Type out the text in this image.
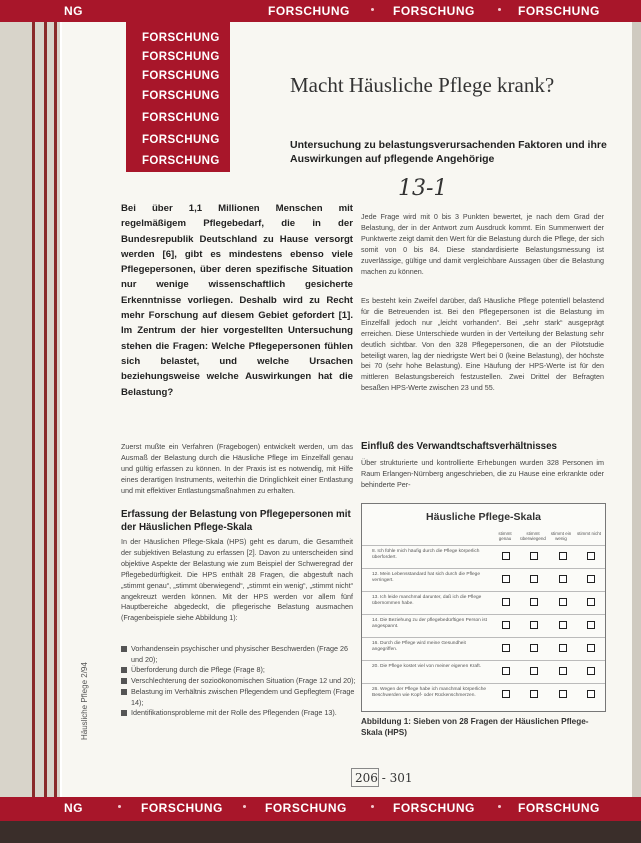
NG	FORSCHUNG	FORSCHUNG	FORSCHUNG
FORSCHUNG
FORSCHUNG
FORSCHUNG
FORSCHUNG
FORSCHUNG
FORSCHUNG
FORSCHUNG
Macht Häusliche Pflege krank?
Untersuchung zu belastungsverursachenden Faktoren und ihre Auswirkungen auf pflegende Angehörige
13-1
Bei über 1,1 Millionen Menschen mit regelmäßigem Pflegebedarf, die in der Bundesrepublik Deutschland zu Hause versorgt werden [6], gibt es mindestens ebenso viele Pflegepersonen, über deren spezifische Situation nur wenige wissenschaftlich gesicherte Erkenntnisse vorliegen. Deshalb wird zu Recht mehr Forschung auf diesem Gebiet gefordert [1]. Im Zentrum der hier vorgestellten Untersuchung stehen die Fragen: Welche Pflegepersonen fühlen sich belastet, und welche Ursachen beziehungsweise welche Auswirkungen hat die Belastung?
Zuerst mußte ein Verfahren (Fragebogen) entwickelt werden, um das Ausmaß der Belastung durch die Häusliche Pflege im Einzelfall genau und gültig erfassen zu können. In der Praxis ist es notwendig, mit Hilfe eines derartigen Instruments, weiterhin die Dringlichkeit einer Entlastung und mit effektiver Entlastungsmaßnahmen zu erhalten.
Erfassung der Belastung von Pflegepersonen mit der Häuslichen Pflege-Skala
In der Häuslichen Pflege-Skala (HPS) geht es darum, die Gesamtheit der subjektiven Belastung zu erfassen [2]. Davon zu unterscheiden sind objektive Aspekte der Belastung wie zum Beispiel der Schweregrad der Pflegebedürftigkeit. Die HPS enthält 28 Fragen, die abgestuft nach „stimmt genau“, „stimmt überwiegend“, „stimmt ein wenig“, „stimmt nicht“ angekreuzt werden können. Mit der HPS werden vor allem fünf Hauptbereiche abgedeckt, die pflegerische Belastung ausmachen (Fragenbeispiele siehe Abbildung 1):
Vorhandensein psychischer und physischer Beschwerden (Frage 26 und 20);
Überforderung durch die Pflege (Frage 8);
Verschlechterung der sozioökonomischen Situation (Frage 12 und 20);
Belastung im Verhältnis zwischen Pflegendem und Gepflegtem (Frage 14);
Identifikationsprobleme mit der Rolle des Pflegenden (Frage 13).
Häusliche Pflege 2/94
Jede Frage wird mit 0 bis 3 Punkten bewertet, je nach dem Grad der Belastung, der in der Antwort zum Ausdruck kommt. Ein Summenwert der Punktwerte zeigt damit den Wert für die Belastung durch die Pflege, der sich somit von 0 bis 84. Diese standardisierte Belastungsmessung ist zuverlässige, gültige und damit vergleichbare Aussagen über die Belastung machen zu können.
Es besteht kein Zweifel darüber, daß Häusliche Pflege potentiell belastend für die Betreuenden ist. Bei den Pflegepersonen ist die Belastung im Einzelfall jedoch nur „leicht vorhanden“. Bei „sehr stark“ ausgeprägt erreichen. Diese Unterschiede wurden in der Verteilung der Belastung sehr deutlich sichtbar. Von den 328 Pflegepersonen, die an der Pilotstudie beteiligt waren, lag der niedrigste Wert bei 0 (keine Belastung), der höchste bei 70 (sehr hohe Belastung). Eine Häufung der HPS-Werte ist für den mittleren Belastungsbereich festzustellen. Zwei Drittel der Befragten besaßen HPS-Werte zwischen 23 und 55.
Einfluß des Verwandtschaftsverhältnisses
Über strukturierte und kontrollierte Erhebungen wurden 328 Personen im Raum Erlangen-Nürnberg angeschrieben, die zu Hause eine erkrankte oder behinderte Per-
Häusliche Pflege-Skala
stimmt genau
stimmt überwiegend
stimmt ein wenig
stimmt nicht
8. Ich fühle mich häufig durch die Pflege körperlich überfordert.
12. Mein Lebensstandard hat sich durch die Pflege verringert.
13. Ich leide manchmal darunter, daß ich die Pflege übernommen habe.
14. Die Beziehung zu der pflegebedürftigen Person ist angespannt.
16. Durch die Pflege wird meine Gesundheit angegriffen.
20. Die Pflege kostet viel von meiner eigenen Kraft.
26. Wegen der Pflege habe ich manchmal körperliche Beschwerden wie Kopf- oder Rückenschmerzen.
Abbildung 1: Sieben von 28 Fragen der Häuslichen Pflege-Skala (HPS)
206 - 301
NG	FORSCHUNG	FORSCHUNG	FORSCHUNG	FORSCHUNG
